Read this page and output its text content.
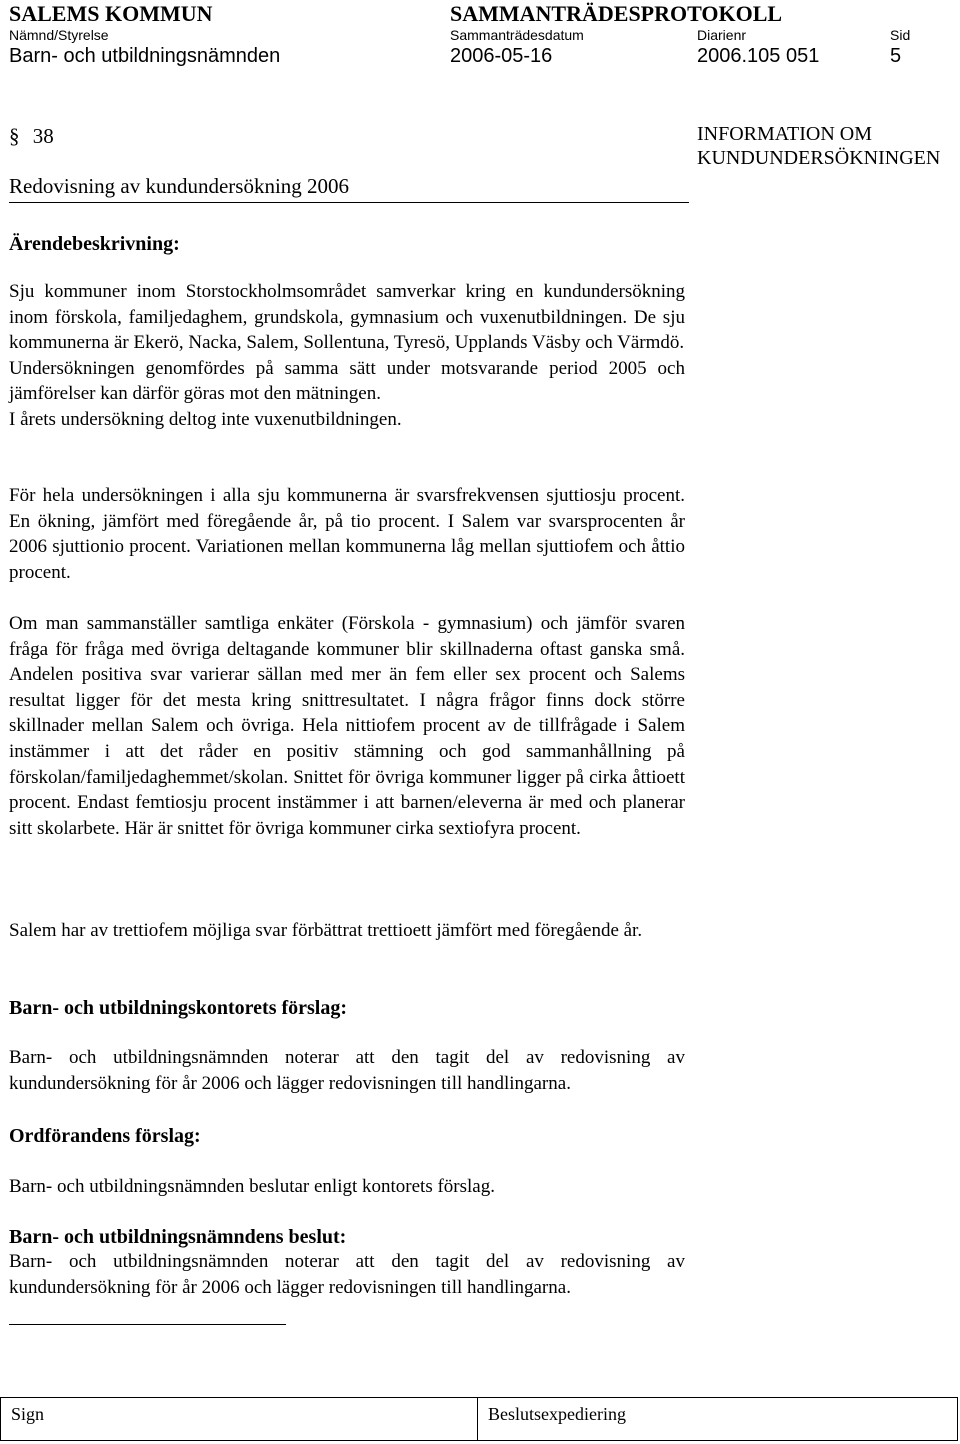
SALEMS KOMMUN	SAMMANTRÄDESPROTOKOLL
Nämnd/Styrelse	Sammanträdesdatum	Diarienr	Sid
Barn- och utbildningsnämnden	2006-05-16	2006.105 051	5
§ 38
Redovisning av kundundersökning 2006
INFORMATION OM
KUNDUNDERSÖKNINGEN
Ärendebeskrivning:

Sju kommuner inom Storstockholmsområdet samverkar kring en kundundersökning inom förskola, familjedaghem, grundskola, gymnasium och vuxenutbildningen. De sju kommunerna är Ekerö, Nacka, Salem, Sollentuna, Tyresö, Upplands Väsby och Värmdö.

Undersökningen genomfördes på samma sätt under motsvarande period 2005 och jämförelser kan därför göras mot den mätningen.

I årets undersökning deltog inte vuxenutbildningen.

För hela undersökningen i alla sju kommunerna är svarsfrekvensen sjuttiosju procent. En ökning, jämfört med föregående år, på tio procent. I Salem var svarsprocenten år 2006 sjuttionio procent. Variationen mellan kommunerna låg mellan sjuttiofem och åttio procent.

Om man sammanställer samtliga enkäter (Förskola - gymnasium) och jämför svaren fråga för fråga med övriga deltagande kommuner blir skillnaderna oftast ganska små. Andelen positiva svar varierar sällan med mer än fem eller sex procent och Salems resultat ligger för det mesta kring snittresultatet. I några frågor finns dock större skillnader mellan Salem och övriga. Hela nittiofem procent av de tillfrågade i Salem instämmer i att det råder en positiv stämning och god sammanhållning på förskolan/familjedaghemmet/skolan. Snittet för övriga kommuner ligger på cirka åttioett procent. Endast femtiosju procent instämmer i att barnen/eleverna är med och planerar sitt skolarbete. Här är snittet för övriga kommuner cirka sextiofyra procent.

Salem har av trettiofem möjliga svar förbättrat trettioett jämfört med föregående år.

Barn- och utbildningskontorets förslag:

Barn- och utbildningsnämnden noterar att den tagit del av redovisning av kundundersökning för år 2006 och lägger redovisningen till handlingarna.

Ordförandens förslag:

Barn- och utbildningsnämnden beslutar enligt kontorets förslag.

Barn- och utbildningsnämndens beslut:

Barn- och utbildningsnämnden noterar att den tagit del av redovisning av kundundersökning för år 2006 och lägger redovisningen till handlingarna.

Sign	Beslutsexpediering
